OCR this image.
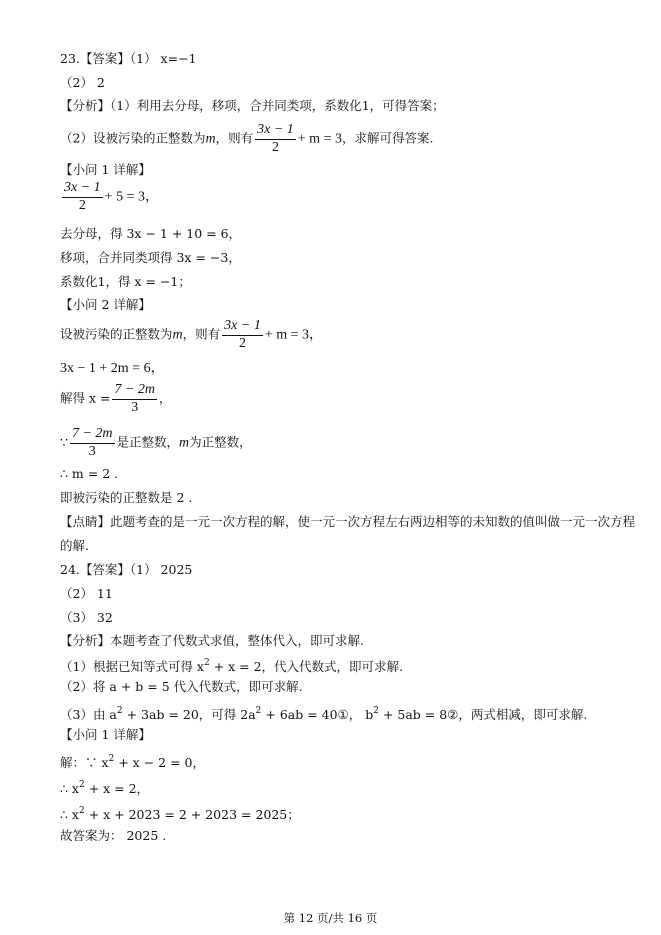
23.【答案】（1） x=−1
（2） 2
【分析】（1）利用去分母，移项，合并同类项，系数化1，可得答案；
（2）设被污染的正整数为m，则有 $\frac{3x - 1}{2} + m = 3$，求解可得答案.
【小问 1 详解】
$\frac{3x - 1}{2} + 5 = 3$，
去分母，得 3x − 1 + 10 = 6，
移项，合并同类项得 3x = −3，
系数化1，得 x = −1；
【小问 2 详解】
设被污染的正整数为m，则有 $\frac{3x - 1}{2} + m = 3$，
3x − 1 + 2m = 6，
解得 $x = \frac{7 - 2m}{3}$ ，
∵ $\frac{7 - 2m}{3}$ 是正整数，m为正整数，
∴ m = 2 .
即被污染的正整数是 2 .
【点睛】此题考查的是一元一次方程的解，使一元一次方程左右两边相等的未知数的值叫做一元一次方程
的解.
24.【答案】（1） 2025
（2） 11
（3） 32
【分析】本题考查了代数式求值，整体代入，即可求解.
（1）根据已知等式可得 $x^2 + x = 2$，代入代数式，即可求解.
（2）将 a + b = 5 代入代数式，即可求解.
（3）由 $a^2 + 3ab = 20$，可得 $2a^2 + 6ab$ = 40①， $b^2 + 5ab$ = 8②，两式相减，即可求解.
【小问 1 详解】
解：∵ $x^2 + x - 2 = 0$，
∴ $x^2 + x = 2$，
∴ $x^2 + x + 2023 = 2 + 2023 = 2025$；
故答案为： 2025 .
第 12 页/共 16 页
